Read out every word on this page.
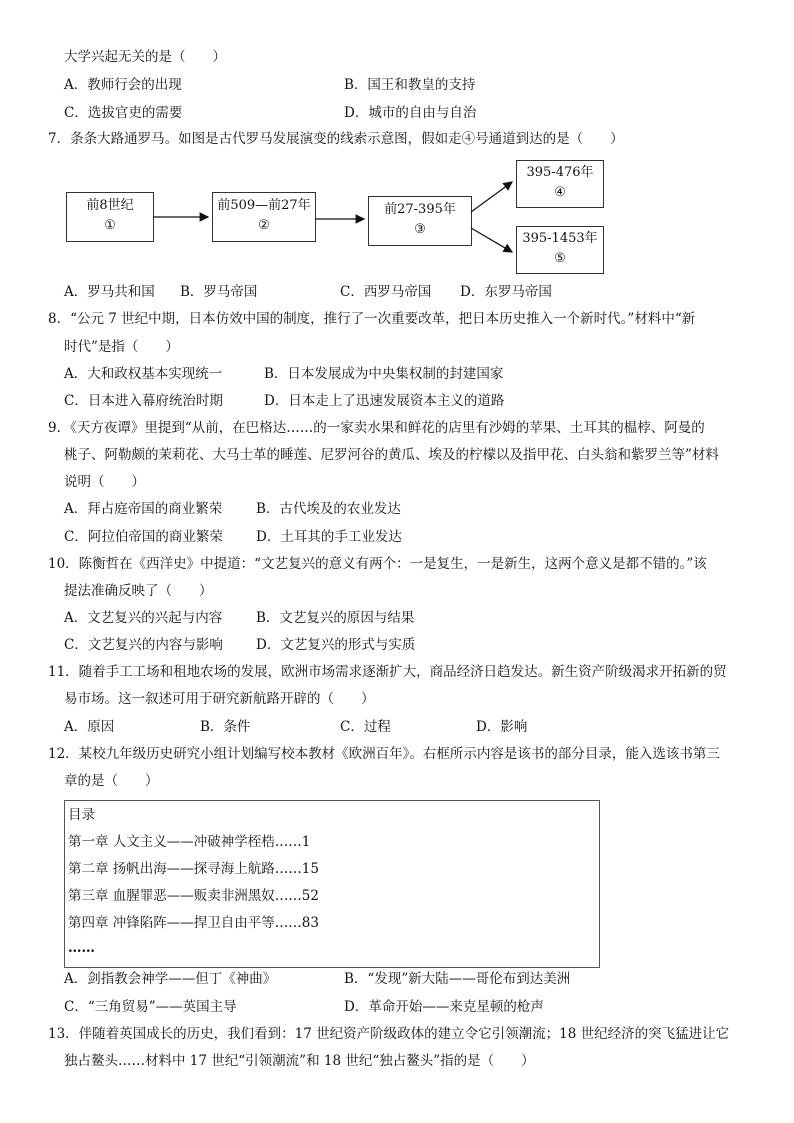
大学兴起无关的是（　　）
A．教师行会的出现	B．国王和教皇的支持
C．选拔官吏的需要	D．城市的自由与自治
7．条条大路通罗马。如图是古代罗马发展演变的线索示意图，假如走④号通道到达的是（　　）
前8世纪
①
前509—前27年
②
前27-395年
③
395-476年
④
395-1453年
⑤
A．罗马共和国 B．罗马帝国	C．西罗马帝国 D．东罗马帝国
8．“公元 7 世纪中期，日本仿效中国的制度，推行了一次重要改革，把日本历史推入一个新时代。”材料中“新
时代”是指（　　）
A．大和政权基本实现统一	B．日本发展成为中央集权制的封建国家
C．日本进入幕府统治时期	D．日本走上了迅速发展资本主义的道路
9．《天方夜谭》里提到“从前，在巴格达……的一家卖水果和鲜花的店里有沙姆的苹果、土耳其的榅桲、阿曼的
桃子、阿勒颇的茉莉花、大马士革的睡莲、尼罗河谷的黄瓜、埃及的柠檬以及指甲花、白头翁和紫罗兰等”材料
说明（　　）
A．拜占庭帝国的商业繁荣	B．古代埃及的农业发达
C．阿拉伯帝国的商业繁荣 D．土耳其的手工业发达
10．陈衡哲在《西洋史》中提道：“文艺复兴的意义有两个：一是复生，一是新生，这两个意义是都不错的。”该
提法准确反映了（　　）
A．文艺复兴的兴起与内容	B．文艺复兴的原因与结果
C．文艺复兴的内容与影响 D．文艺复兴的形式与实质
11．随着手工工场和租地农场的发展，欧洲市场需求逐渐扩大，商品经济日趋发达。新生资产阶级渴求开拓新的贸
易市场。这一叙述可用于研究新航路开辟的（　　）
A．原因	B．条件	C．过程	D．影响
12．某校九年级历史研究小组计划编写校本教材《欧洲百年》。右框所示内容是该书的部分目录，能入选该书第三
章的是（　　）
目录
第一章 人文主义——冲破神学桎梏……1
第二章 扬帆出海——探寻海上航路……15
第三章 血腥罪恶——贩卖非洲黑奴……52
第四章 冲锋陷阵——捍卫自由平等……83
……
A．剑指教会神学——但丁《神曲》	B．“发现”新大陆——哥伦布到达美洲
C．“三角贸易”——英国主导	D．革命开始——来克星顿的枪声
13．伴随着英国成长的历史，我们看到：17 世纪资产阶级政体的建立令它引领潮流；18 世纪经济的突飞猛进让它
独占鳌头……材料中 17 世纪“引领潮流”和 18 世纪“独占鳌头”指的是（　　）
